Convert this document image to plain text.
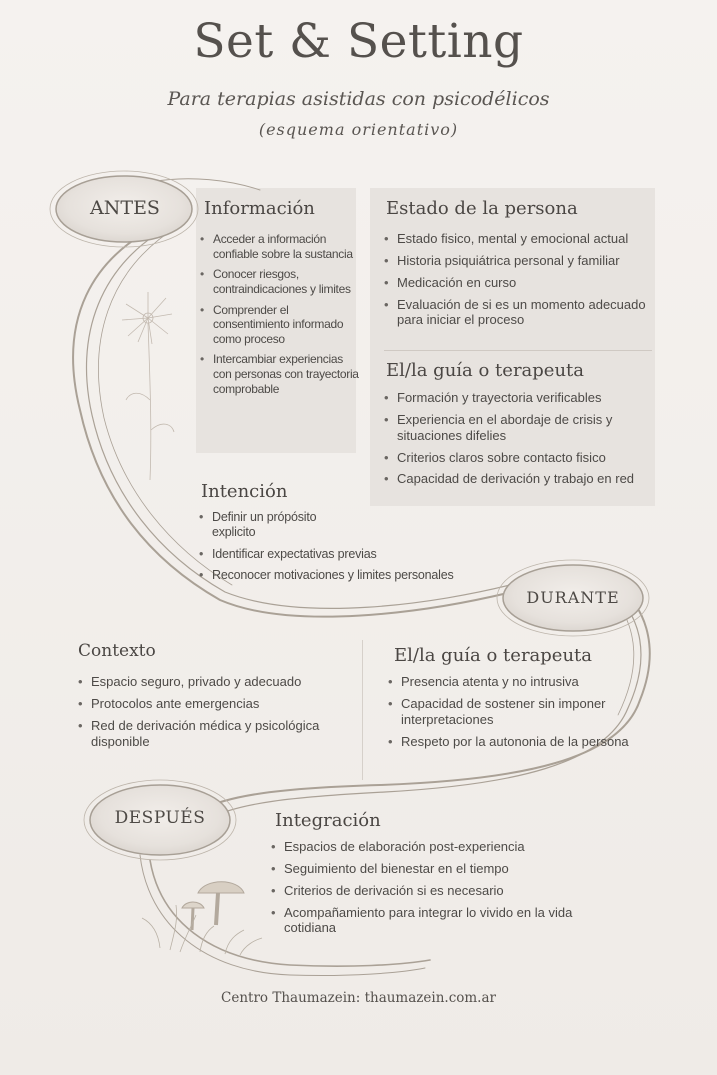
Set & Setting
Para terapias asistidas con psicodélicos
(esquema orientativo)
ANTES
DURANTE
DESPUÉS
Información
• Acceder a información confiable sobre la sustancia
• Conocer riesgos, contraindicaciones y limites
• Comprender el consentimiento informado como proceso
• Intercambiar experiencias con personas con trayectoria comprobable
Estado de la persona
• Estado fisico, mental y emocional actual
• Historia psiquiátrica personal y familiar
• Medicación en curso
• Evaluación de si es un momento adecuado para iniciar el proceso
El/la guía o terapeuta
• Formación y trayectoria verificables
• Experiencia en el abordaje de crisis y situaciones difelies
• Criterios claros sobre contacto fisico
• Capacidad de derivación y trabajo en red
Intención
• Definir un própósito explicito
• Identificar expectativas previas
• Reconocer motivaciones y limites personales
Contexto
• Espacio seguro, privado y adecuado
• Protocolos ante emergencias
• Red de derivación médica y psicológica disponible
El/la guía o terapeuta
• Presencia atenta y no intrusiva
• Capacidad de sostener sin imponer interpretaciones
• Respeto por la autononia de la persona
Integración
• Espacios de elaboración post-experiencia
• Seguimiento del bienestar en el tiempo
• Criterios de derivación si es necesario
• Acompañamiento para integrar lo vivido en la vida cotidiana
Centro Thaumazein: thaumazein.com.ar
